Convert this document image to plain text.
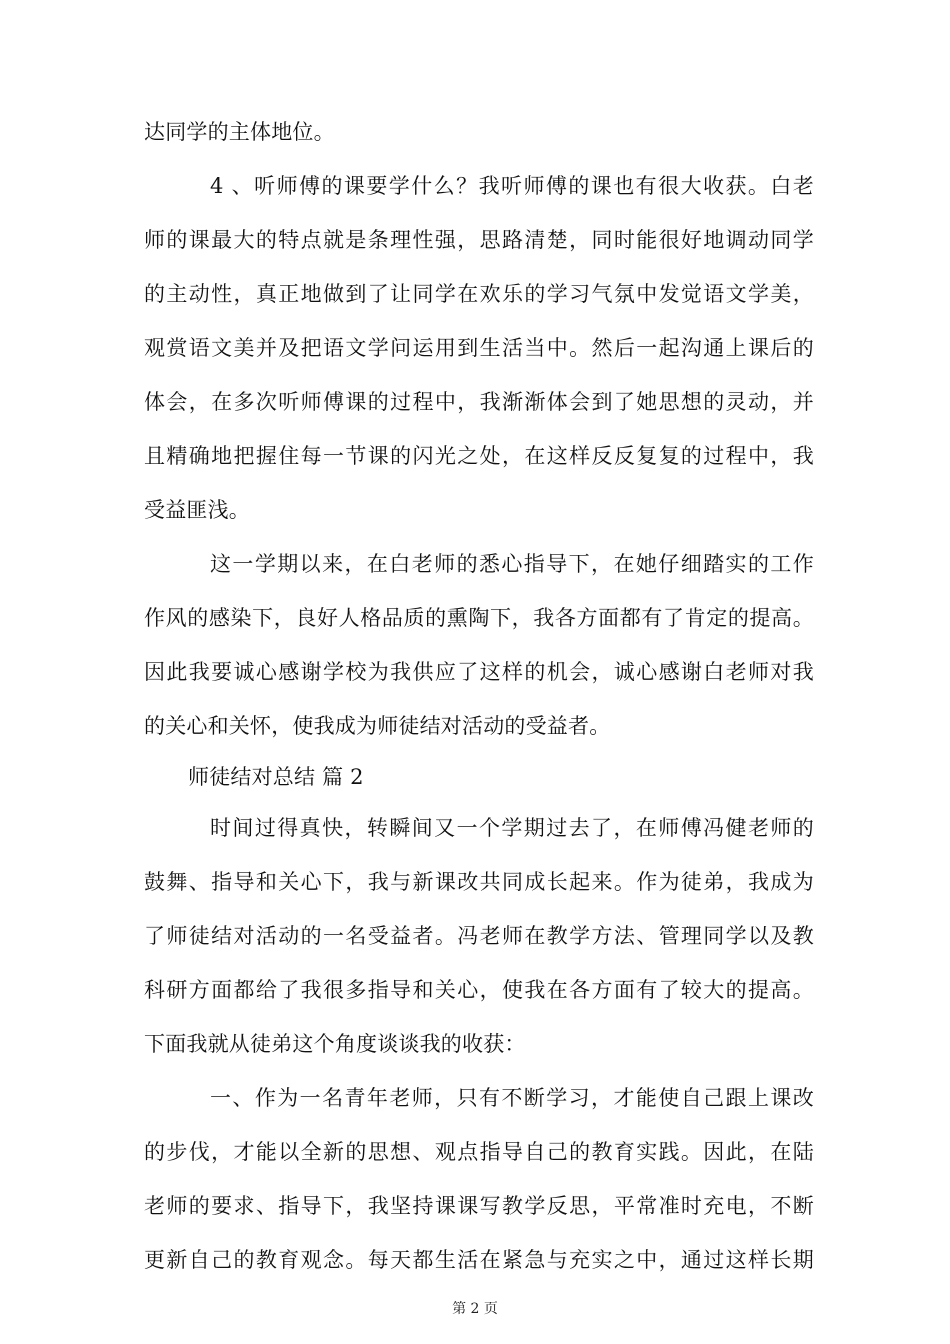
达同学的主体地位。
4 、听师傅的课要学什么？我听师傅的课也有很大收获。白老
师的课最大的特点就是条理性强，思路清楚，同时能很好地调动同学
的主动性，真正地做到了让同学在欢乐的学习气氛中发觉语文学美，
观赏语文美并及把语文学问运用到生活当中。然后一起沟通上课后的
体会，在多次听师傅课的过程中，我渐渐体会到了她思想的灵动，并
且精确地把握住每一节课的闪光之处，在这样反反复复的过程中，我
受益匪浅。
这一学期以来，在白老师的悉心指导下，在她仔细踏实的工作
作风的感染下，良好人格品质的熏陶下，我各方面都有了肯定的提高。
因此我要诚心感谢学校为我供应了这样的机会，诚心感谢白老师对我
的关心和关怀，使我成为师徒结对活动的受益者。
师徒结对总结 篇 2
时间过得真快，转瞬间又一个学期过去了，在师傅冯健老师的
鼓舞、指导和关心下，我与新课改共同成长起来。作为徒弟，我成为
了师徒结对活动的一名受益者。冯老师在教学方法、管理同学以及教
科研方面都给了我很多指导和关心，使我在各方面有了较大的提高。
下面我就从徒弟这个角度谈谈我的收获：
一、作为一名青年老师，只有不断学习，才能使自己跟上课改
的步伐，才能以全新的思想、观点指导自己的教育实践。因此，在陆
老师的要求、指导下，我坚持课课写教学反思，平常准时充电，不断
更新自己的教育观念。每天都生活在紧急与充实之中，通过这样长期
第 2 页
